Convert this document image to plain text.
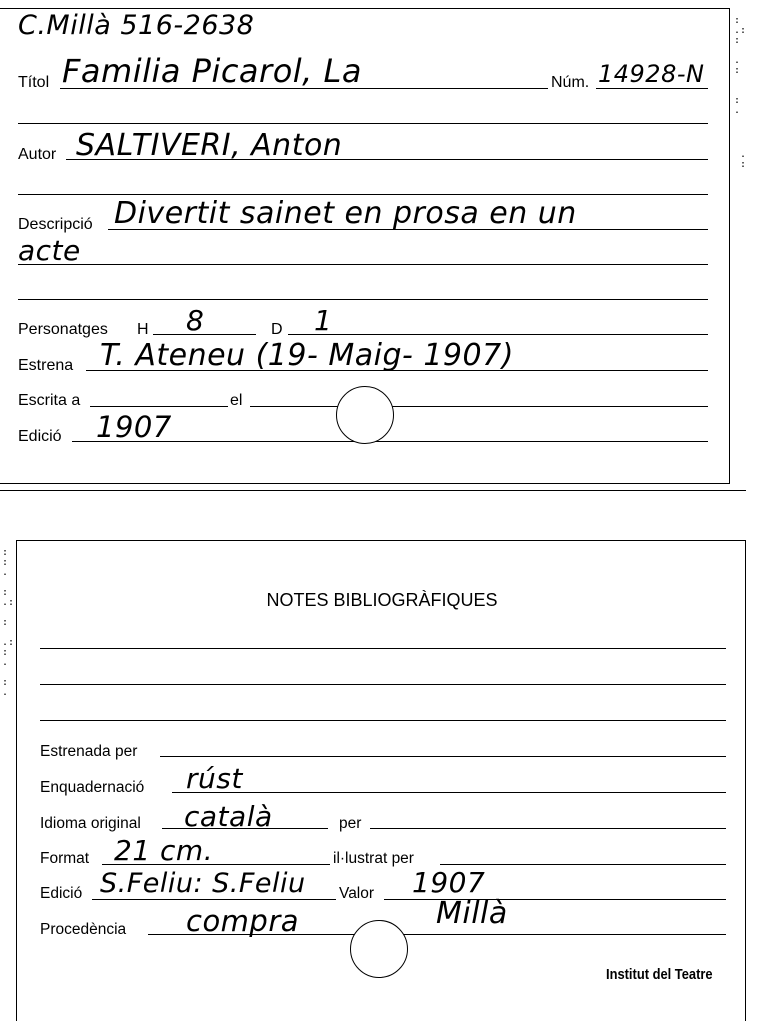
:
.:
:

.
:

:
.
.
:
C.Millà 516-2638
Títol Familia Picarol, La	Núm. 14928-N
Autor SALTIVERI, Anton
Descripció Divertit sainet en prosa en un
acte
Personatges H 8	D 1
Estrena T. Ateneu (19- Maig- 1907)
Escrita a	el
Edició 1907
:
:
.

:
.:

:

.:
:
.

:
.
NOTES BIBLIOGRÀFIQUES
Estrenada per
Enquadernació rúst
Idioma original català	per
Format 21 cm.	il·lustrat per
Edició S.Feliu: S.Feliu Valor 1907
Procedència compra	Millà
Institut del Teatre
